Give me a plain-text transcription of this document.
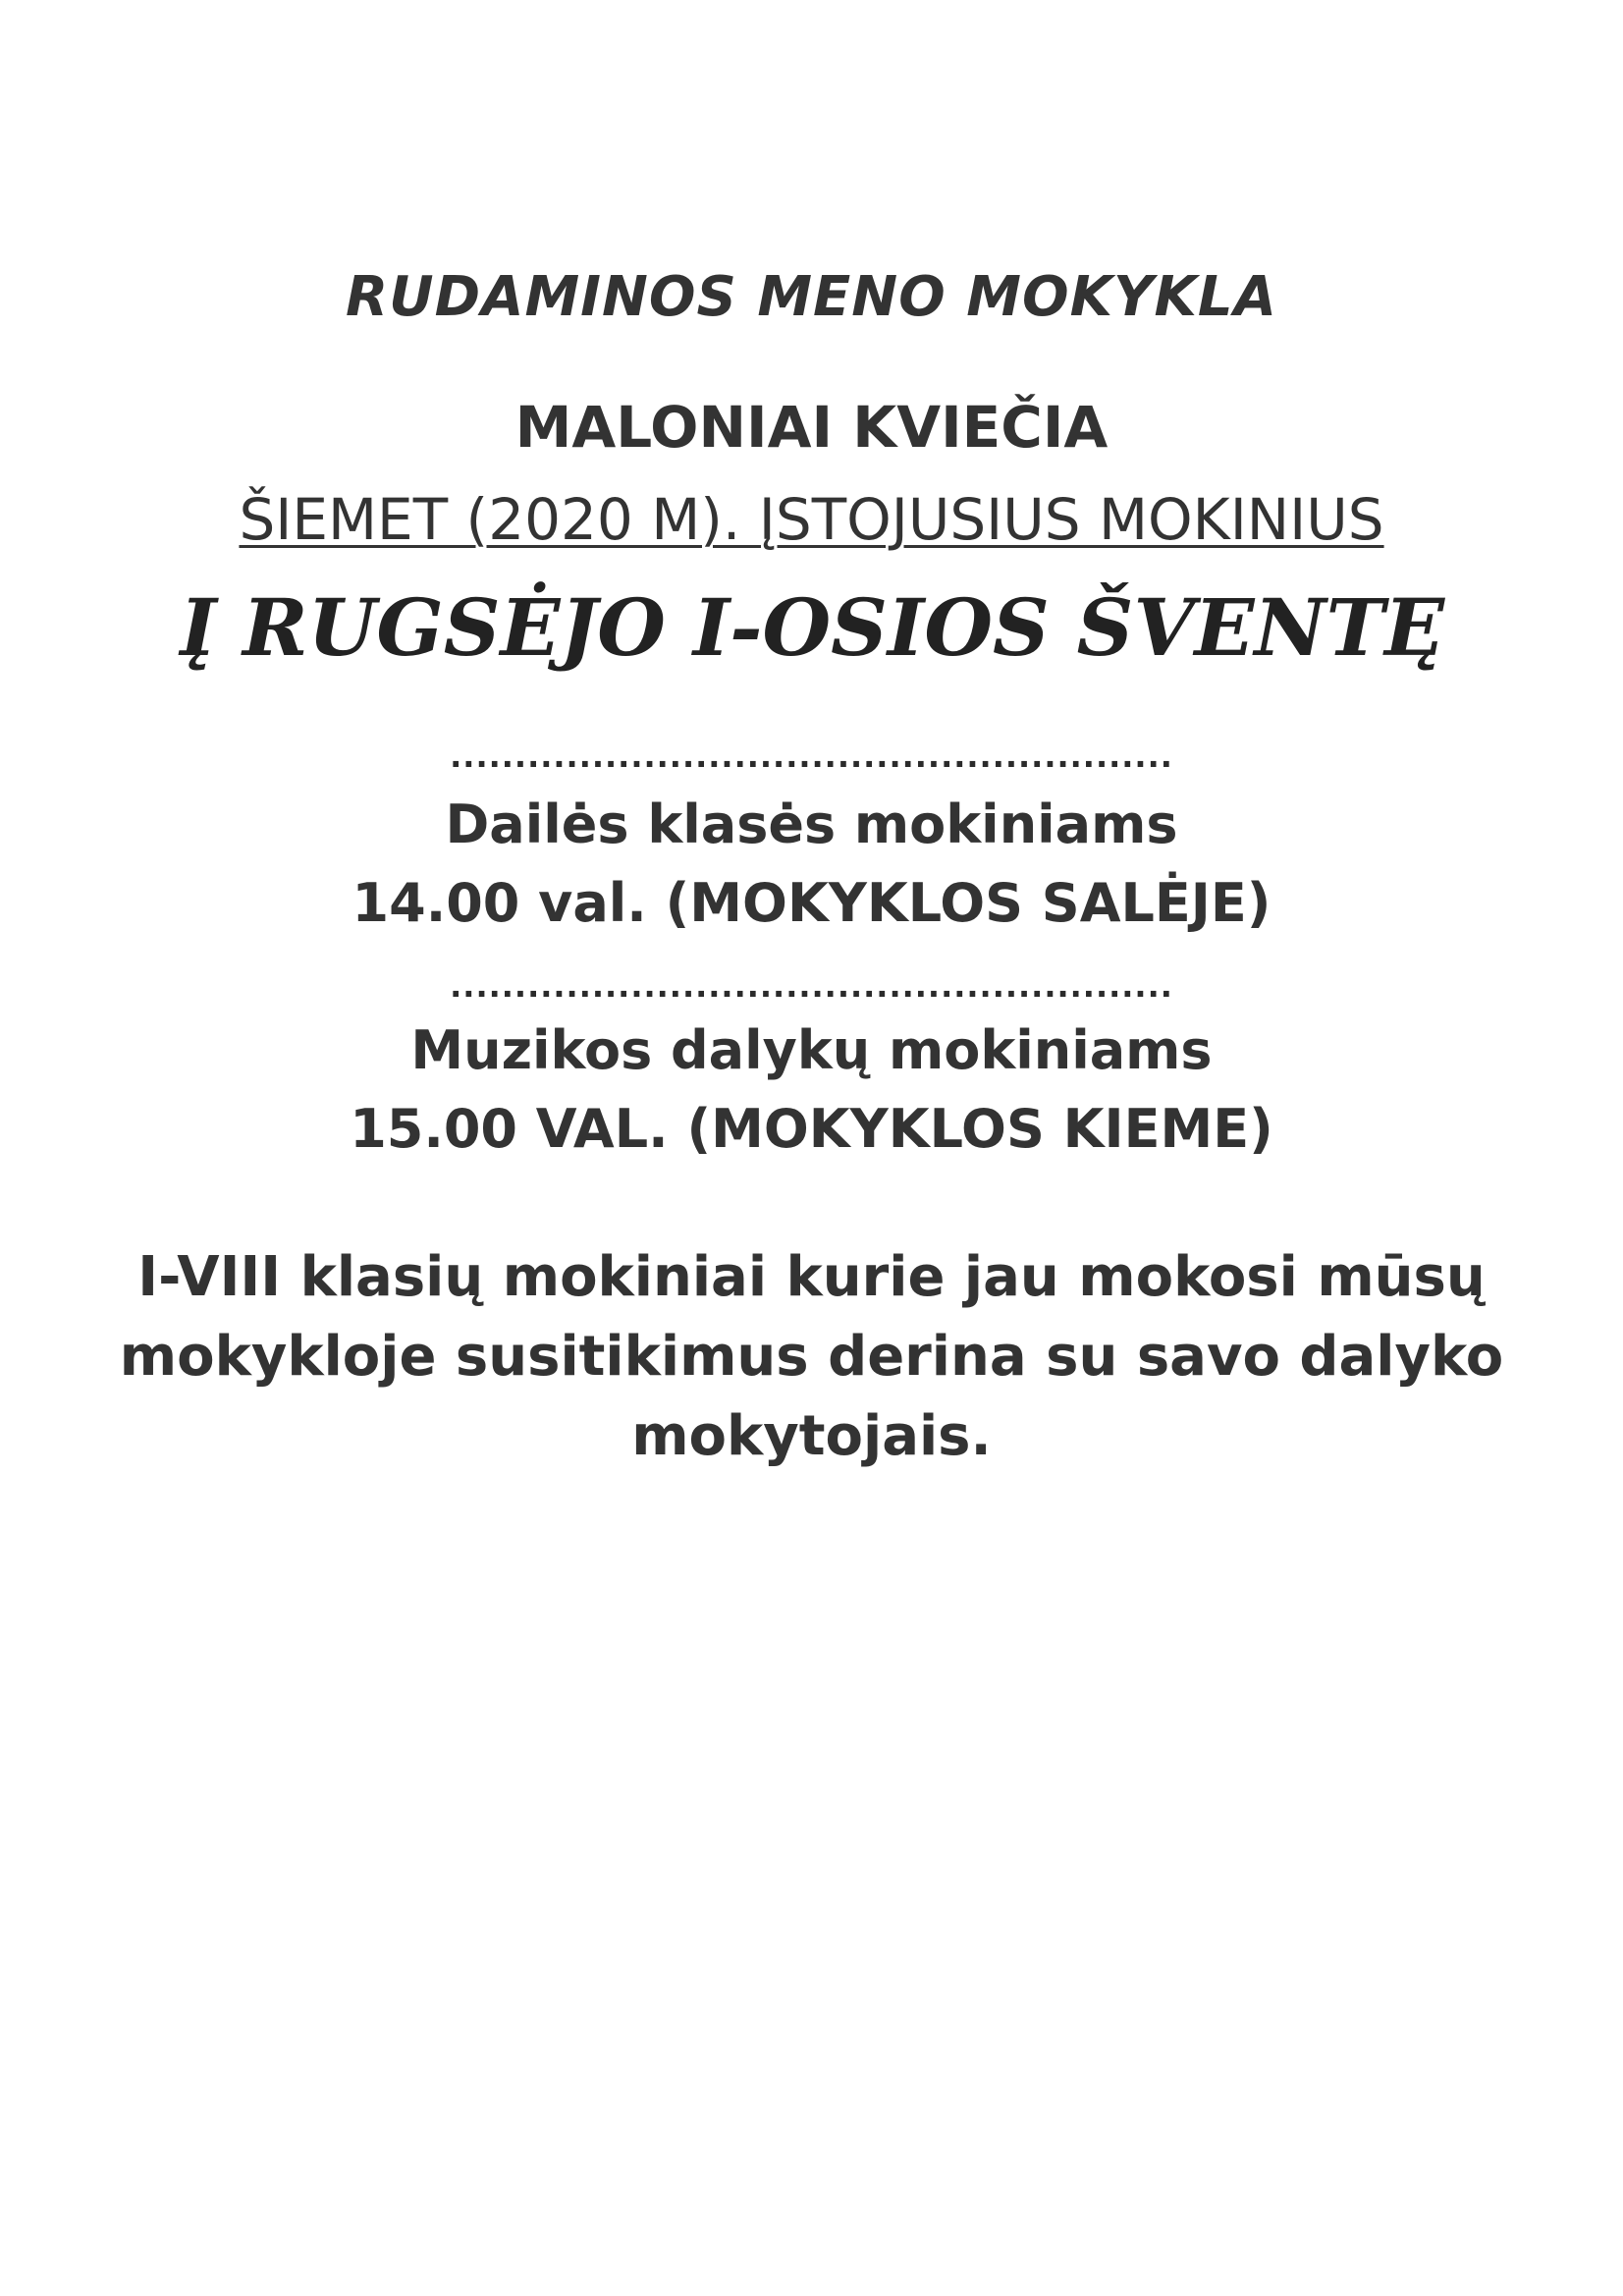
RUDAMINOS MENO MOKYKLA
MALONIAI KVIEČIA
ŠIEMET (2020 M). ĮSTOJUSIUS MOKINIUS
Į RUGSĖJO I-OSIOS ŠVENTĘ
........................................................
Dailės klasės mokiniams
14.00 val. (MOKYKLOS SALĖJE)
........................................................
Muzikos dalykų mokiniams
15.00 VAL. (MOKYKLOS KIEME)
I-VIII klasių mokiniai kurie jau mokosi mūsų
mokykloje susitikimus derina su savo dalyko
mokytojais.
